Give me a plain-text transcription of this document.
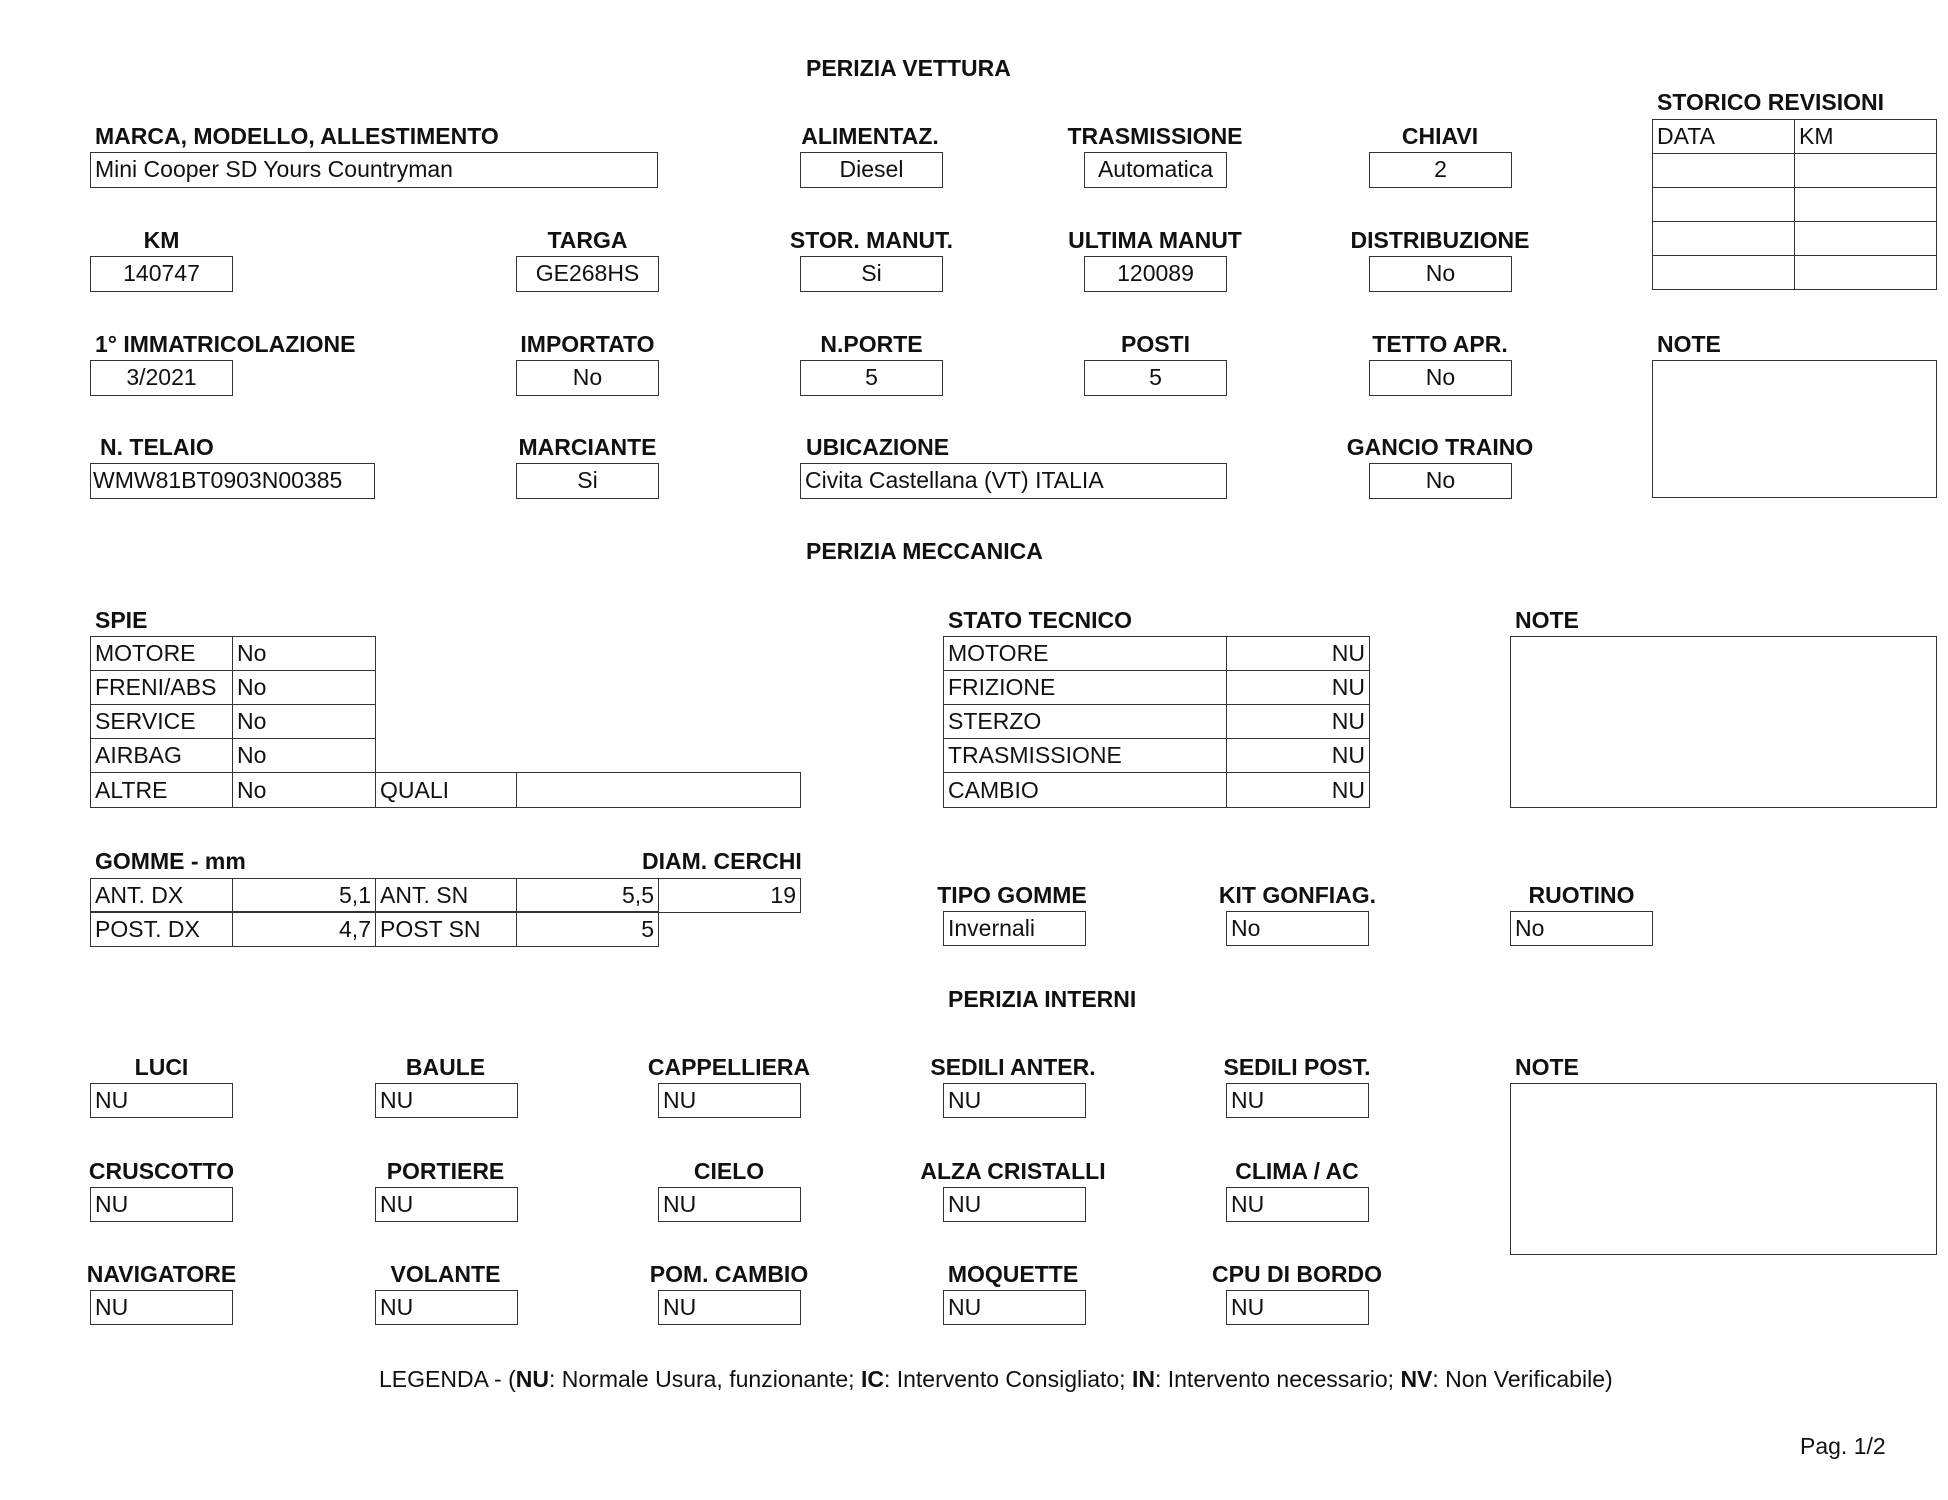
PERIZIA VETTURA
MARCA, MODELLO, ALLESTIMENTO
Mini Cooper SD Yours Countryman
ALIMENTAZ.
Diesel
TRASMISSIONE
Automatica
CHIAVI
2
STORICO REVISIONI
DATA	KM

KM
140747
TARGA
GE268HS
STOR. MANUT.
Si
ULTIMA MANUT
120089
DISTRIBUZIONE
No
1° IMMATRICOLAZIONE
3/2021
IMPORTATO
No
N.PORTE
5
POSTI
5
TETTO APR.
No
NOTE
N. TELAIO
WMW81BT0903N00385
MARCIANTE
Si
UBICAZIONE
Civita Castellana (VT) ITALIA
GANCIO TRAINO
No
PERIZIA MECCANICA
SPIE
MOTORE	No
FRENI/ABS	No
SERVICE	No
AIRBAG	No
ALTRE	No	QUALI	
STATO TECNICO
MOTORE	NU
FRIZIONE	NU
STERZO	NU
TRASMISSIONE	NU
CAMBIO	NU
NOTE
GOMME - mm	DIAM. CERCHI
ANT. DX	5,1	ANT. SN	5,5	19
POST. DX	4,7	POST SN	5
TIPO GOMME
Invernali
KIT GONFIAG.
No
RUOTINO
No
PERIZIA INTERNI
LUCI
NU
BAULE
NU
CAPPELLIERA
NU
SEDILI ANTER.
NU
SEDILI POST.
NU
NOTE
CRUSCOTTO
NU
PORTIERE
NU
CIELO
NU
ALZA CRISTALLI
NU
CLIMA / AC
NU
NAVIGATORE
NU
VOLANTE
NU
POM. CAMBIO
NU
MOQUETTE
NU
CPU DI BORDO
NU
LEGENDA - (NU: Normale Usura, funzionante; IC: Intervento Consigliato; IN: Intervento necessario; NV: Non Verificabile)
Pag. 1/2
